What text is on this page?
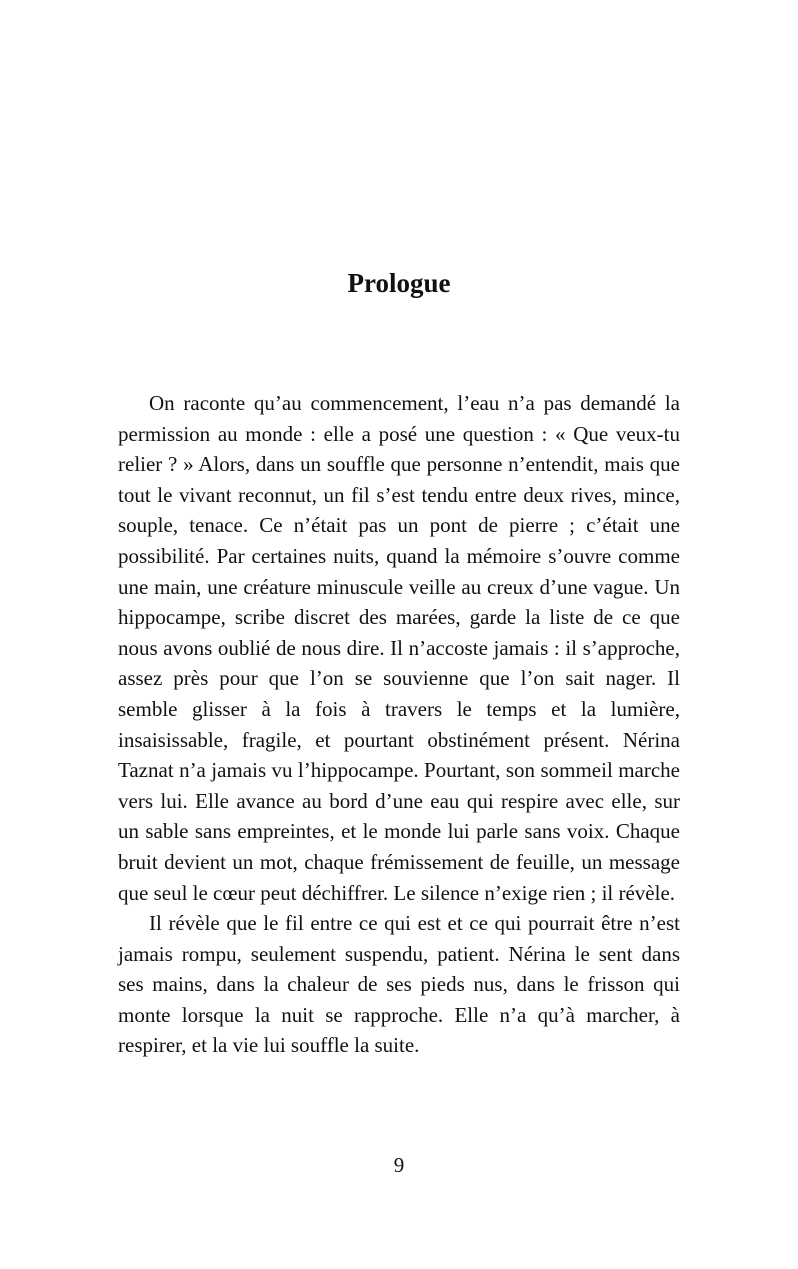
Prologue

On raconte qu’au commencement, l’eau n’a pas demandé la permission au monde : elle a posé une question : « Que veux-tu relier ? » Alors, dans un souffle que personne n’entendit, mais que tout le vivant reconnut, un fil s’est tendu entre deux rives, mince, souple, tenace. Ce n’était pas un pont de pierre ; c’était une possibilité. Par certaines nuits, quand la mémoire s’ouvre comme une main, une créature minuscule veille au creux d’une vague. Un hippocampe, scribe discret des marées, garde la liste de ce que nous avons oublié de nous dire. Il n’accoste jamais : il s’approche, assez près pour que l’on se souvienne que l’on sait nager. Il semble glisser à la fois à travers le temps et la lumière, insaisissable, fragile, et pourtant obstinément présent. Nérina Taznat n’a jamais vu l’hippocampe. Pourtant, son sommeil marche vers lui. Elle avance au bord d’une eau qui respire avec elle, sur un sable sans empreintes, et le monde lui parle sans voix. Chaque bruit devient un mot, chaque frémissement de feuille, un message que seul le cœur peut déchiffrer. Le silence n’exige rien ; il révèle.

Il révèle que le fil entre ce qui est et ce qui pourrait être n’est jamais rompu, seulement suspendu, patient. Nérina le sent dans ses mains, dans la chaleur de ses pieds nus, dans le frisson qui monte lorsque la nuit se rapproche. Elle n’a qu’à marcher, à respirer, et la vie lui souffle la suite.

9
